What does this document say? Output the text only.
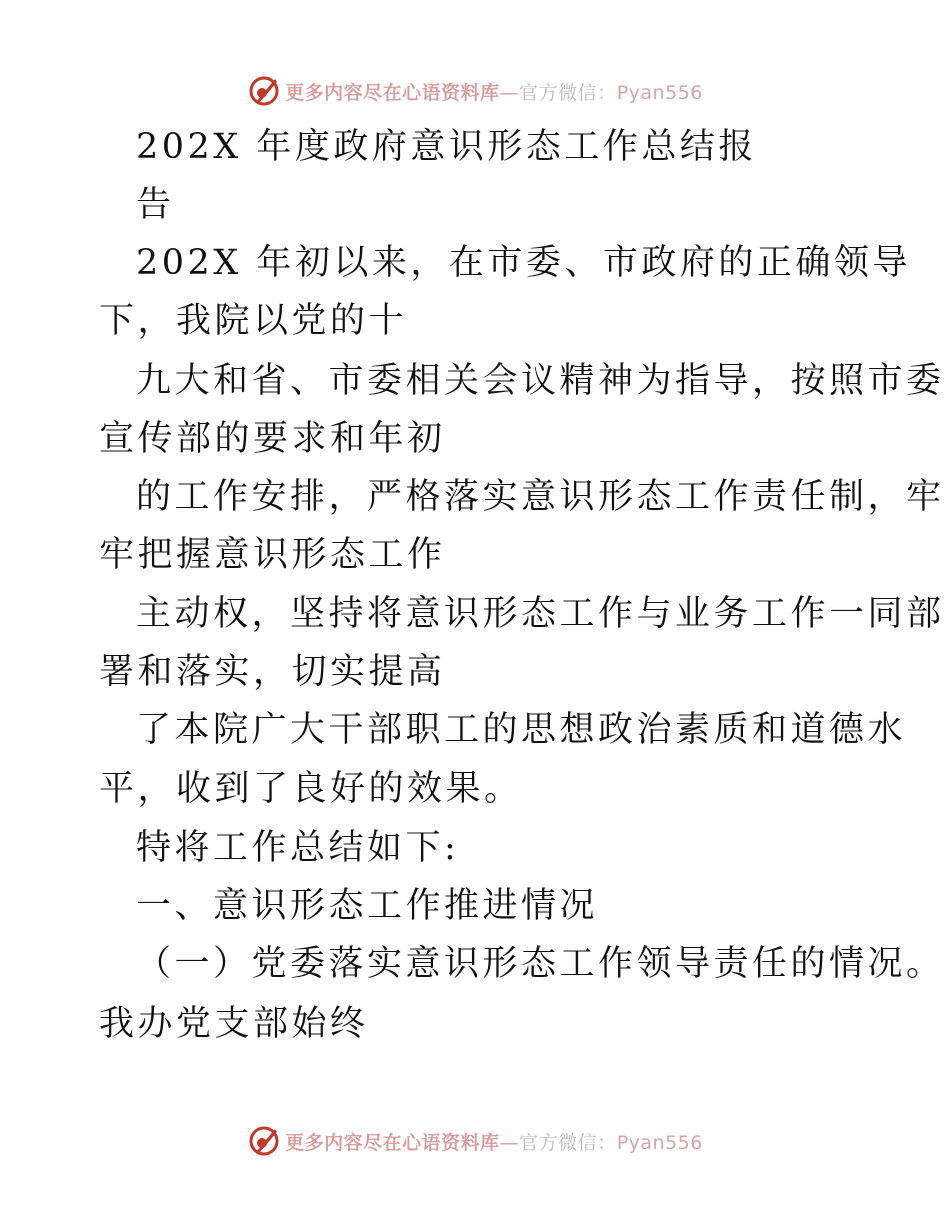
更多内容尽在心语资料库—官方微信：Pyan556
202X 年度政府意识形态工作总结报
告
202X 年初以来，在市委、市政府的正确领导
下，我院以党的十
九大和省、市委相关会议精神为指导，按照市委
宣传部的要求和年初
的工作安排，严格落实意识形态工作责任制，牢
牢把握意识形态工作
主动权，坚持将意识形态工作与业务工作一同部
署和落实，切实提高
了本院广大干部职工的思想政治素质和道德水
平，收到了良好的效果。
特将工作总结如下:
一、意识形态工作推进情况
（一）党委落实意识形态工作领导责任的情况。
我办党支部始终
更多内容尽在心语资料库—官方微信：Pyan556
